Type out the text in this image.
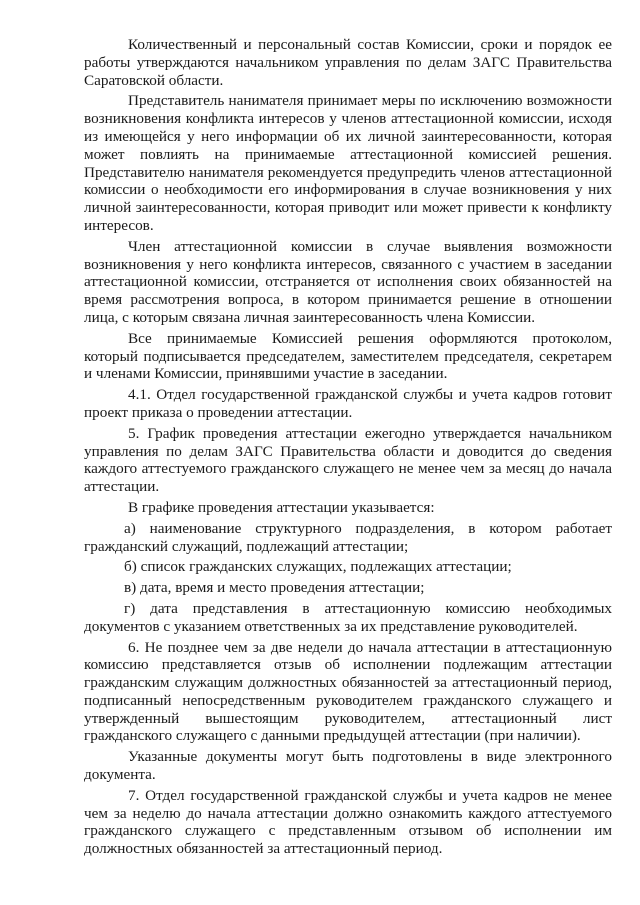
Количественный и персональный состав Комиссии, сроки и порядок ее работы утверждаются начальником управления по делам ЗАГС Правительства Саратовской области.

Представитель нанимателя принимает меры по исключению возможности возникновения конфликта интересов у членов аттестационной комиссии, исходя из имеющейся у него информации об их личной заинтересованности, которая может повлиять на принимаемые аттестационной комиссией решения. Представителю нанимателя рекомендуется предупредить членов аттестационной комиссии о необходимости его информирования в случае возникновения у них личной заинтересованности, которая приводит или может привести к конфликту интересов.

Член аттестационной комиссии в случае выявления возможности возникновения у него конфликта интересов, связанного с участием в заседании аттестационной комиссии, отстраняется от исполнения своих обязанностей на время рассмотрения вопроса, в котором принимается решение в отношении лица, с которым связана личная заинтересованность члена Комиссии.

Все принимаемые Комиссией решения оформляются протоколом, который подписывается председателем, заместителем председателя, секретарем и членами Комиссии, принявшими участие в заседании.

4.1. Отдел государственной гражданской службы и учета кадров готовит проект приказа о проведении аттестации.

5. График проведения аттестации ежегодно утверждается начальником управления по делам ЗАГС Правительства области и доводится до сведения каждого аттестуемого гражданского служащего не менее чем за месяц до начала аттестации.

В графике проведения аттестации указывается:

а) наименование структурного подразделения, в котором работает гражданский служащий, подлежащий аттестации;

б) список гражданских служащих, подлежащих аттестации;

в) дата, время и место проведения аттестации;

г) дата представления в аттестационную комиссию необходимых документов с указанием ответственных за их представление руководителей.

6. Не позднее чем за две недели до начала аттестации в аттестационную комиссию представляется отзыв об исполнении подлежащим аттестации гражданским служащим должностных обязанностей за аттестационный период, подписанный непосредственным руководителем гражданского служащего и утвержденный вышестоящим руководителем, аттестационный лист гражданского служащего с данными предыдущей аттестации (при наличии).

Указанные документы могут быть подготовлены в виде электронного документа.

7. Отдел государственной гражданской службы и учета кадров не менее чем за неделю до начала аттестации должно ознакомить каждого аттестуемого гражданского служащего с представленным отзывом об исполнении им должностных обязанностей за аттестационный период.
